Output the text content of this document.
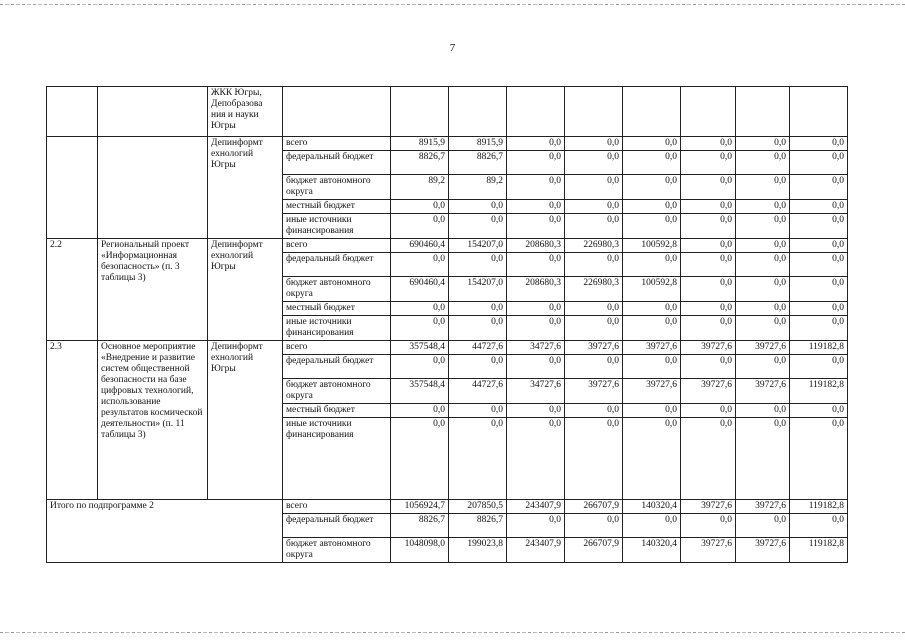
7
		ЖКК Югры, Депобразова ния и науки Югры									
		Депинформт ехнологий Югры	всего	8915,9	8915,9	0,0	0,0	0,0	0,0	0,0	0,0
			федеральный бюджет	8826,7	8826,7	0,0	0,0	0,0	0,0	0,0	0,0
			бюджет автономного округа	89,2	89,2	0,0	0,0	0,0	0,0	0,0	0,0
			местный бюджет	0,0	0,0	0,0	0,0	0,0	0,0	0,0	0,0
			иные источники финансирования	0,0	0,0	0,0	0,0	0,0	0,0	0,0	0,0
2.2	Региональный проект «Информационная безопасность» (п. 3 таблицы 3)	Депинформт ехнологий Югры	всего	690460,4	154207,0	208680,3	226980,3	100592,8	0,0	0,0	0,0
			федеральный бюджет	0,0	0,0	0,0	0,0	0,0	0,0	0,0	0,0
			бюджет автономного округа	690460,4	154207,0	208680,3	226980,3	100592,8	0,0	0,0	0,0
			местный бюджет	0,0	0,0	0,0	0,0	0,0	0,0	0,0	0,0
			иные источники финансирования	0,0	0,0	0,0	0,0	0,0	0,0	0,0	0,0
2.3	Основное мероприятие «Внедрение и развитие систем общественной безопасности на базе цифровых технологий, использование результатов космической деятельности» (п. 11 таблицы 3)	Депинформт ехнологий Югры	всего	357548,4	44727,6	34727,6	39727,6	39727,6	39727,6	39727,6	119182,8
			федеральный бюджет	0,0	0,0	0,0	0,0	0,0	0,0	0,0	0,0
			бюджет автономного округа	357548,4	44727,6	34727,6	39727,6	39727,6	39727,6	39727,6	119182,8
			местный бюджет	0,0	0,0	0,0	0,0	0,0	0,0	0,0	0,0
			иные источники финансирования	0,0	0,0	0,0	0,0	0,0	0,0	0,0	0,0
Итого по подпрограмме 2			всего	1056924,7	207850,5	243407,9	266707,9	140320,4	39727,6	39727,6	119182,8
			федеральный бюджет	8826,7	8826,7	0,0	0,0	0,0	0,0	0,0	0,0
			бюджет автономного округа	1048098,0	199023,8	243407,9	266707,9	140320,4	39727,6	39727,6	119182,8
